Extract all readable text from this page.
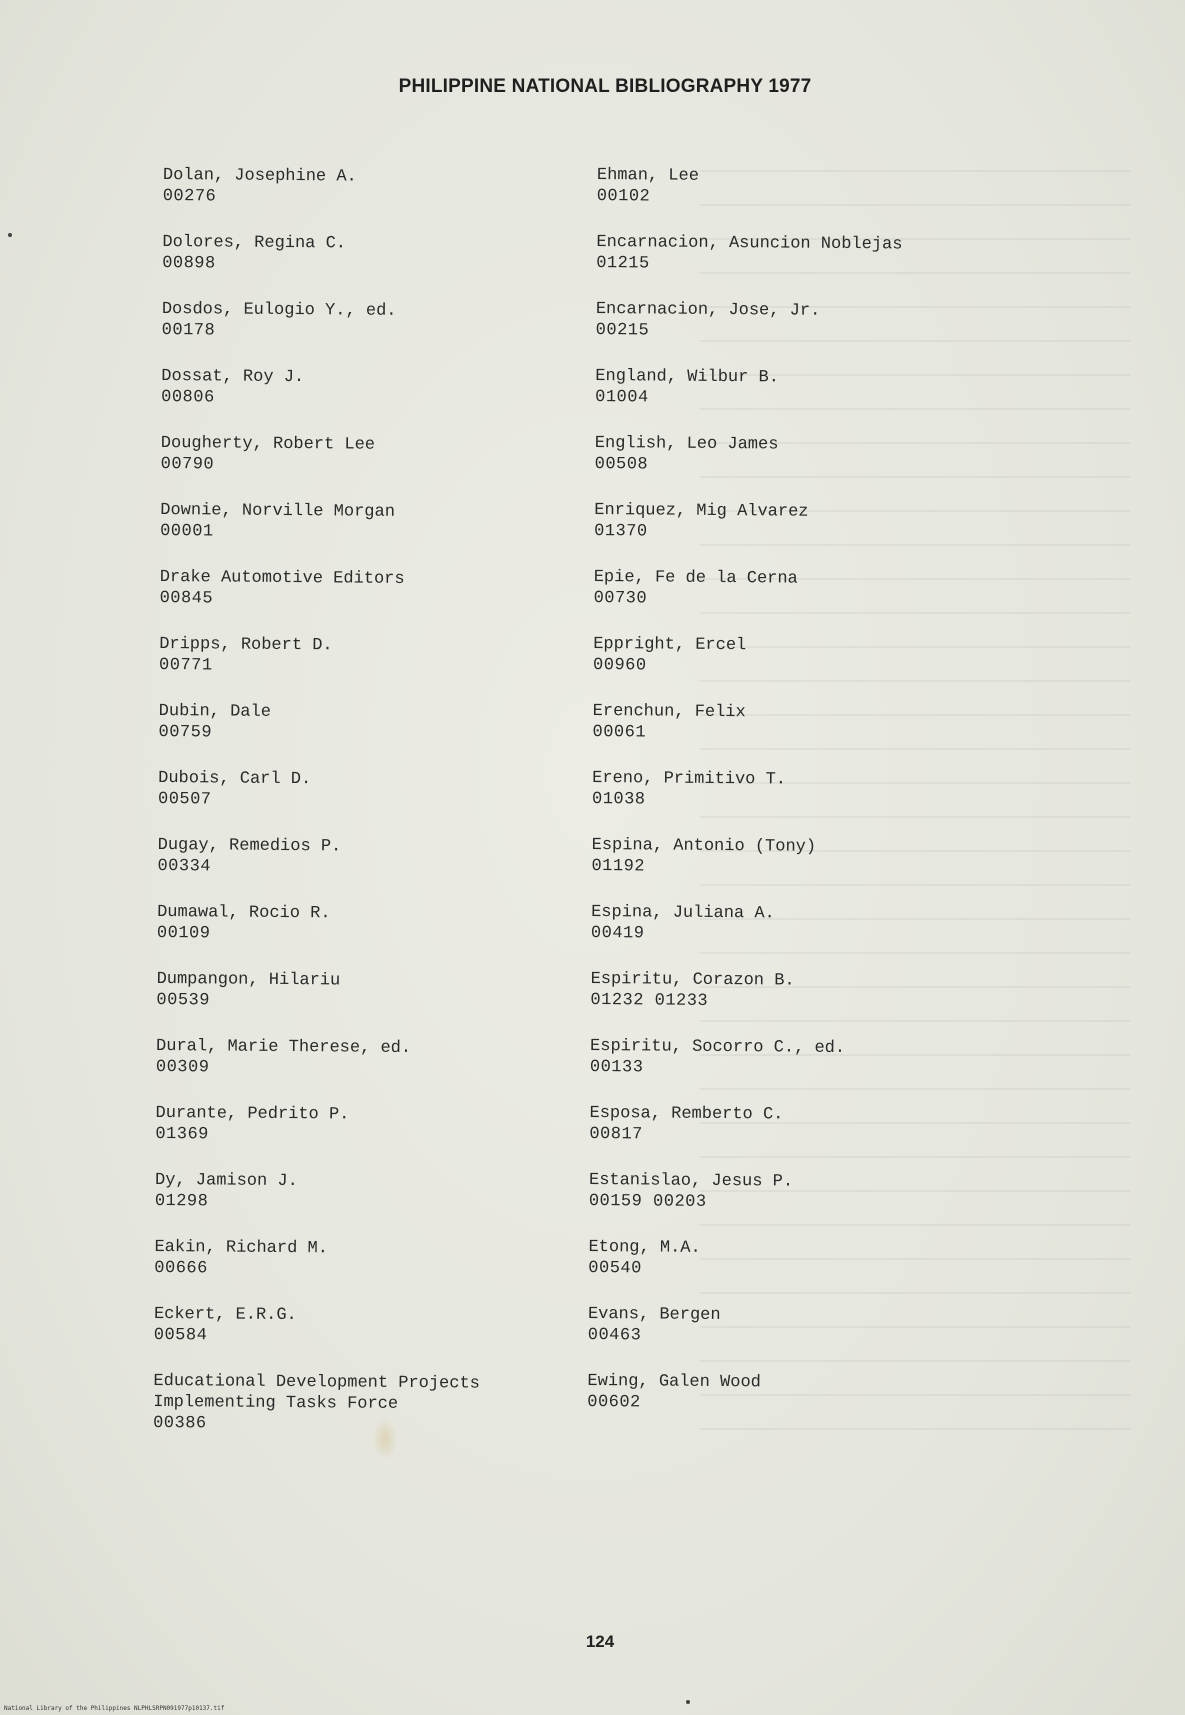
PHILIPPINE NATIONAL BIBLIOGRAPHY 1977
Dolan, Josephine A.
00276
Dolores, Regina C.
00898
Dosdos, Eulogio Y., ed.
00178
Dossat, Roy J.
00806
Dougherty, Robert Lee
00790
Downie, Norville Morgan
00001
Drake Automotive Editors
00845
Dripps, Robert D.
00771
Dubin, Dale
00759
Dubois, Carl D.
00507
Dugay, Remedios P.
00334
Dumawal, Rocio R.
00109
Dumpangon, Hilariu
00539
Dural, Marie Therese, ed.
00309
Durante, Pedrito P.
01369
Dy, Jamison J.
01298
Eakin, Richard M.
00666
Eckert, E.R.G.
00584
Educational Development Projects
Implementing Tasks Force
00386
Ehman, Lee
00102
Encarnacion, Asuncion Noblejas
01215
Encarnacion, Jose, Jr.
00215
England, Wilbur B.
01004
English, Leo James
00508
Enriquez, Mig Alvarez
01370
Epie, Fe de la Cerna
00730
Eppright, Ercel
00960
Erenchun, Felix
00061
Ereno, Primitivo T.
01038
Espina, Antonio (Tony)
01192
Espina, Juliana A.
00419
Espiritu, Corazon B.
01232 01233
Espiritu, Socorro C., ed.
00133
Esposa, Remberto C.
00817
Estanislao, Jesus P.
00159 00203
Etong, M.A.
00540
Evans, Bergen
00463
Ewing, Galen Wood
00602
124
National Library of the Philippines NLPHLSRPN091977p10137.tif
